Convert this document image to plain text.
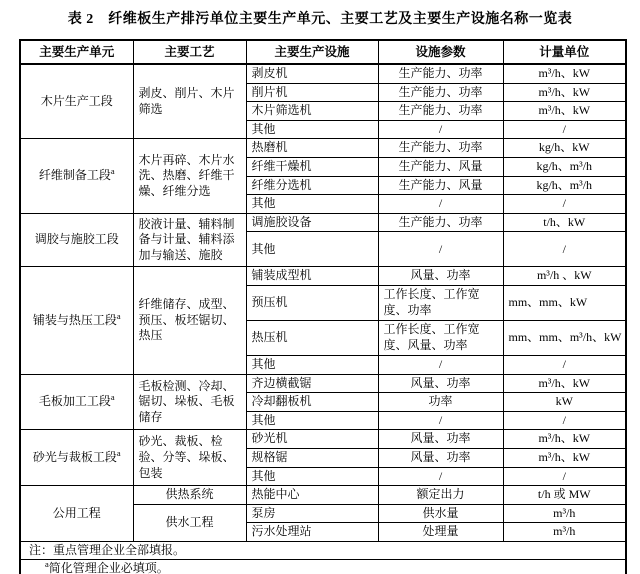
表 2　纤维板生产排污单位主要生产单元、主要工艺及主要生产设施名称一览表
主要生产单元	主要工艺	主要生产设施	设施参数	计量单位
木片生产工段	剥皮、削片、木片筛选	剥皮机	生产能力、功率	m³/h、kW
		削片机	生产能力、功率	m³/h、kW
		木片筛选机	生产能力、功率	m³/h、kW
		其他	/	/
纤维制备工段$^a$	木片再碎、木片水洗、热磨、纤维干燥、纤维分选	热磨机	生产能力、功率	kg/h、kW
		纤维干燥机	生产能力、风量	kg/h、m³/h
		纤维分选机	生产能力、风量	kg/h、m³/h
		其他	/	/
调胶与施胶工段	胶液计量、辅料制备与计量、辅料添加与输送、施胶	调施胶设备	生产能力、功率	t/h、kW
		其他	/	/
铺装与热压工段$^a$	纤维储存、成型、预压、板坯锯切、热压	铺装成型机	风量、功率	m³/h 、kW
		预压机	工作长度、工作宽度、功率	mm、mm、kW
		热压机	工作长度、工作宽度、风量、功率	mm、mm、m³/h、kW
		其他	/	/
毛板加工工段$^a$	毛板检测、冷却、锯切、垛板、毛板储存	齐边横截锯	风量、功率	m³/h、kW
		冷却翻板机	功率	kW
		其他	/	/
砂光与裁板工段$^a$	砂光、裁板、检验、分等、垛板、包装	砂光机	风量、功率	m³/h、kW
		规格锯	风量、功率	m³/h、kW
		其他	/	/
公用工程	供热系统	热能中心	额定出力	t/h 或 MW
	供水工程	泵房	供水量	m³/h
		污水处理站	处理量	m³/h
注：重点管理企业全部填报。				
$^a$简化管理企业必填项。				
